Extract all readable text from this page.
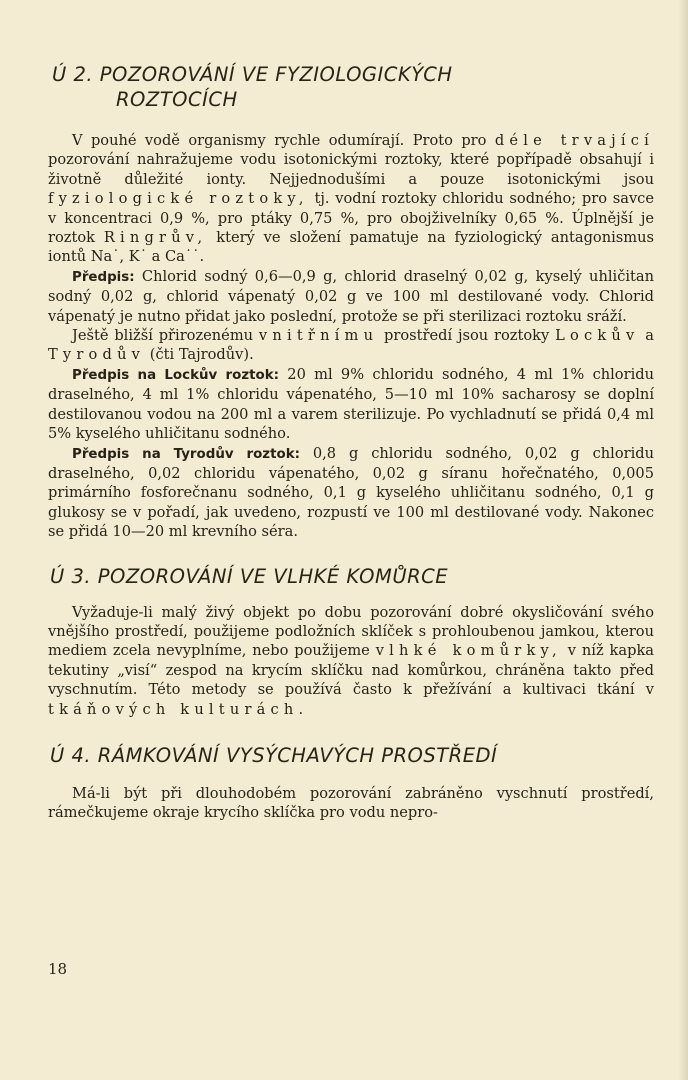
Ú 2. POZOROVÁNÍ VE FYZIOLOGICKÝCH
ROZTOCÍCH

V pouhé vodě organismy rychle odumírají. Proto pro déle trvající pozorování nahražujeme vodu isotonickými roztoky, které popřípadě obsahují i životně důležité ionty. Nejjednodušími a pouze isotonickými jsou fyziologické roztoky, tj. vodní roztoky chloridu sodného; pro savce v koncentraci 0,9 %, pro ptáky 0,75 %, pro obojživelníky 0,65 %. Úplnější je roztok Ringrův, který ve složení pamatuje na fyziologický antagonismus iontů Na˙, K˙ a Ca˙˙.

Předpis: Chlorid sodný 0,6—0,9 g, chlorid draselný 0,02 g, kyselý uhličitan sodný 0,02 g, chlorid vápenatý 0,02 g ve 100 ml destilované vody. Chlorid vápenatý je nutno přidat jako poslední, protože se při sterilizaci roztoku sráží.

Ještě bližší přirozenému vnitřnímu prostředí jsou roztoky Lockův a Tyrodův (čti Tajrodův).

Předpis na Lockův roztok: 20 ml 9% chloridu sodného, 4 ml 1% chloridu draselného, 4 ml 1% chloridu vápenatého, 5—10 ml 10% sacharosy se doplní destilovanou vodou na 200 ml a varem sterilizuje. Po vychladnutí se přidá 0,4 ml 5% kyselého uhličitanu sodného.

Předpis na Tyrodův roztok: 0,8 g chloridu sodného, 0,02 g chloridu draselného, 0,02 chloridu vápenatého, 0,02 g síranu hořečnatého, 0,005 primárního fosforečnanu sodného, 0,1 g kyselého uhličitanu sodného, 0,1 g glukosy se v pořadí, jak uvedeno, rozpustí ve 100 ml destilované vody. Nakonec se přidá 10—20 ml krevního séra.

Ú 3. POZOROVÁNÍ VE VLHKÉ KOMŮRCE

Vyžaduje-li malý živý objekt po dobu pozorování dobré okysličování svého vnějšího prostředí, použijeme podložních sklíček s prohloubenou jamkou, kterou mediem zcela nevyplníme, nebo použijeme vlhké komůrky, v níž kapka tekutiny „visí“ zespod na krycím sklíčku nad komůrkou, chráněna takto před vyschnutím. Této metody se používá často k přežívání a kultivaci tkání v tkáňových kulturách.

Ú 4. RÁMKOVÁNÍ VYSÝCHAVÝCH PROSTŘEDÍ

Má-li být při dlouhodobém pozorování zabráněno vyschnutí prostředí, rámečkujeme okraje krycího sklíčka pro vodu nepro-

18
